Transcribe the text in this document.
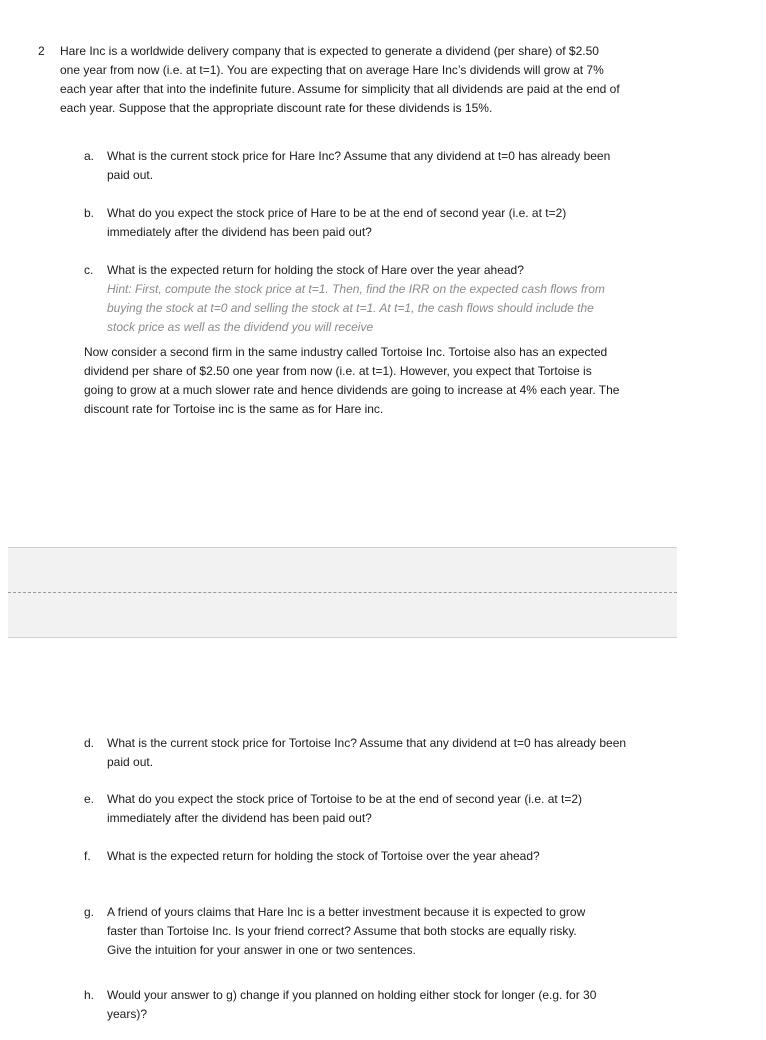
2 Hare Inc is a worldwide delivery company that is expected to generate a dividend (per share) of $2.50 one year from now (i.e. at t=1). You are expecting that on average Hare Inc’s dividends will grow at 7% each year after that into the indefinite future. Assume for simplicity that all dividends are paid at the end of each year. Suppose that the appropriate discount rate for these dividends is 15%.

a. What is the current stock price for Hare Inc? Assume that any dividend at t=0 has already been paid out.

b. What do you expect the stock price of Hare to be at the end of second year (i.e. at t=2) immediately after the dividend has been paid out?

c. What is the expected return for holding the stock of Hare over the year ahead?

Hint: First, compute the stock price at t=1. Then, find the IRR on the expected cash flows from buying the stock at t=0 and selling the stock at t=1. At t=1, the cash flows should include the stock price as well as the dividend you will receive

Now consider a second firm in the same industry called Tortoise Inc. Tortoise also has an expected dividend per share of $2.50 one year from now (i.e. at t=1). However, you expect that Tortoise is going to grow at a much slower rate and hence dividends are going to increase at 4% each year. The discount rate for Tortoise inc is the same as for Hare inc.

d. What is the current stock price for Tortoise Inc? Assume that any dividend at t=0 has already been paid out.

e. What do you expect the stock price of Tortoise to be at the end of second year (i.e. at t=2) immediately after the dividend has been paid out?

f. What is the expected return for holding the stock of Tortoise over the year ahead?

g. A friend of yours claims that Hare Inc is a better investment because it is expected to grow faster than Tortoise Inc. Is your friend correct? Assume that both stocks are equally risky. Give the intuition for your answer in one or two sentences.

h. Would your answer to g) change if you planned on holding either stock for longer (e.g. for 30 years)?
